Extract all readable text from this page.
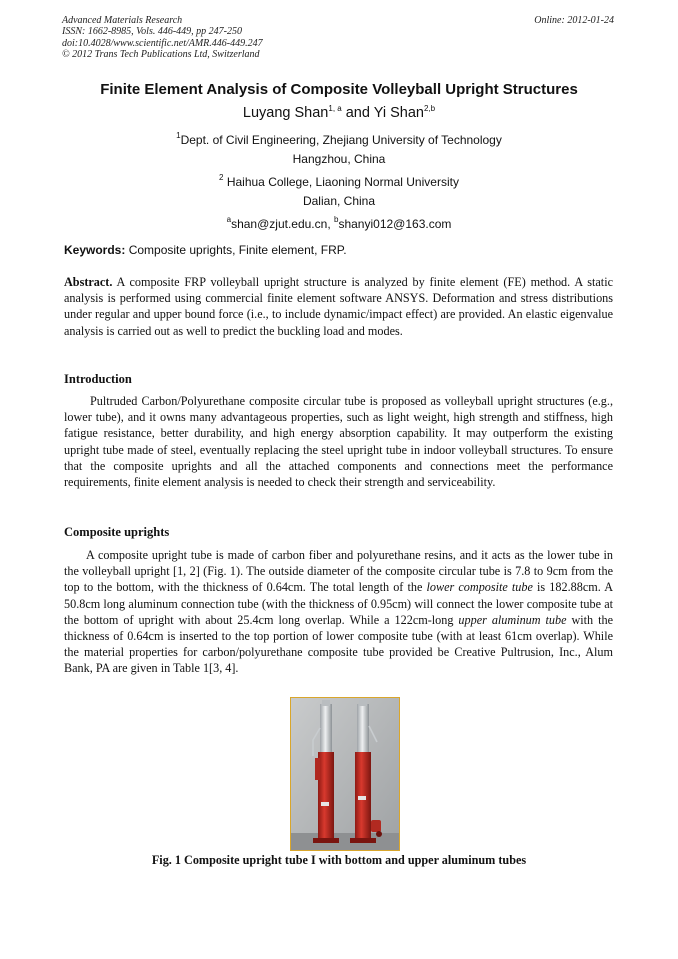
Advanced Materials Research
ISSN: 1662-8985, Vols. 446-449, pp 247-250
doi:10.4028/www.scientific.net/AMR.446-449.247
© 2012 Trans Tech Publications Ltd, Switzerland
Online: 2012-01-24
Finite Element Analysis of Composite Volleyball Upright Structures
Luyang Shan$^{1, a}$ and Yi Shan$^{2,b}$
$^1$Dept. of Civil Engineering, Zhejiang University of Technology
Hangzhou, China
$^2$ Haihua College, Liaoning Normal University
Dalian, China
$^a$shan@zjut.edu.cn, $^b$shanyi012@163.com
Keywords: Composite uprights, Finite element, FRP.
Abstract. A composite FRP volleyball upright structure is analyzed by finite element (FE) method. A static analysis is performed using commercial finite element software ANSYS. Deformation and stress distributions under regular and upper bound force (i.e., to include dynamic/impact effect) are provided. An elastic eigenvalue analysis is carried out as well to predict the buckling load and modes.
Introduction
Pultruded Carbon/Polyurethane composite circular tube is proposed as volleyball upright structures (e.g., lower tube), and it owns many advantageous properties, such as light weight, high strength and stiffness, high fatigue resistance, better durability, and high energy absorption capability. It may outperform the existing upright tube made of steel, eventually replacing the steel upright tube in indoor volleyball structures. To ensure that the composite uprights and all the attached components and connections meet the performance requirements, finite element analysis is needed to check their strength and serviceability.
Composite uprights
A composite upright tube is made of carbon fiber and polyurethane resins, and it acts as the lower tube in the volleyball upright [1, 2] (Fig. 1). The outside diameter of the composite circular tube is 7.8 to 9cm from the top to the bottom, with the thickness of 0.64cm. The total length of the lower composite tube is 182.88cm. A 50.8cm long aluminum connection tube (with the thickness of 0.95cm) will connect the lower composite tube at the bottom of upright with about 25.4cm long overlap. While a 122cm-long upper aluminum tube with the thickness of 0.64cm is inserted to the top portion of lower composite tube (with at least 61cm overlap). While the material properties for carbon/polyurethane composite tube provided be Creative Pultrusion, Inc., Alum Bank, PA are given in Table 1[3, 4].
Fig. 1 Composite upright tube I with bottom and upper aluminum tubes
